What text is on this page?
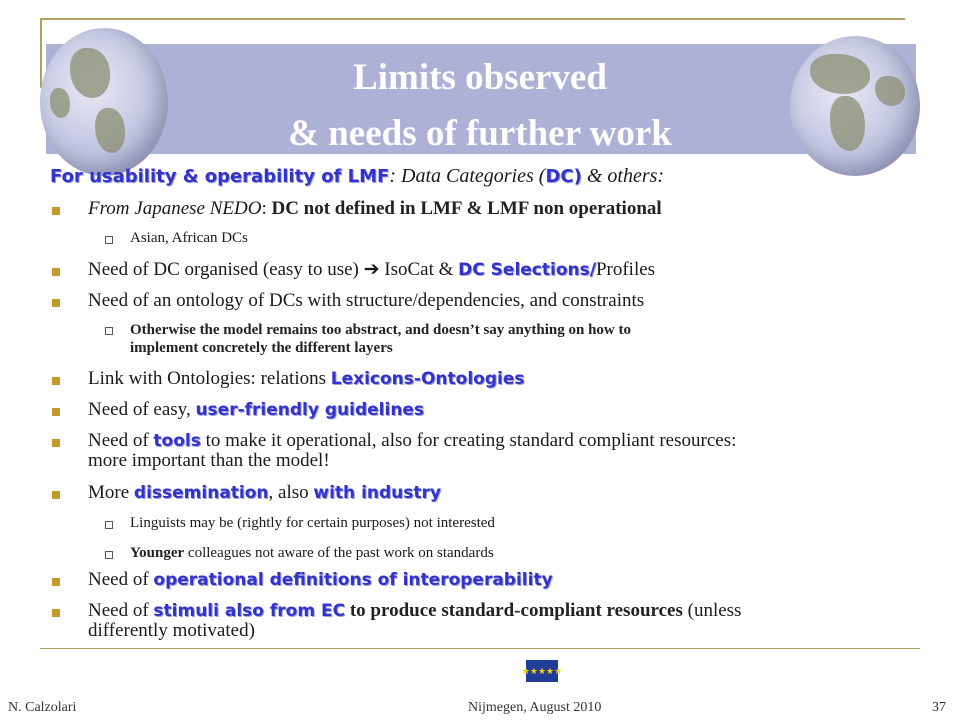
Limits observed
& needs of further work
For usability & operability of LMF: Data Categories (DC) & others:
From Japanese NEDO: DC not defined in LMF & LMF non operational
Asian, African DCs
Need of DC organised (easy to use) ➔ IsoCat & DC Selections/Profiles
Need of an ontology of DCs with structure/dependencies, and constraints
Otherwise the model remains too abstract, and doesn’t say anything on how to
implement concretely the different layers
Link with Ontologies: relations Lexicons-Ontologies
Need of easy, user-friendly guidelines
Need of tools to make it operational, also for creating standard compliant resources:
more important than the model!
More dissemination, also with industry
Linguists may be (rightly for certain purposes) not interested
Younger colleagues not aware of the past work on standards
Need of operational definitions of interoperability
Need of stimuli also from EC to produce standard-compliant resources (unless
differently motivated)
★★★★★
N. Calzolari	Nijmegen, August 2010	37
